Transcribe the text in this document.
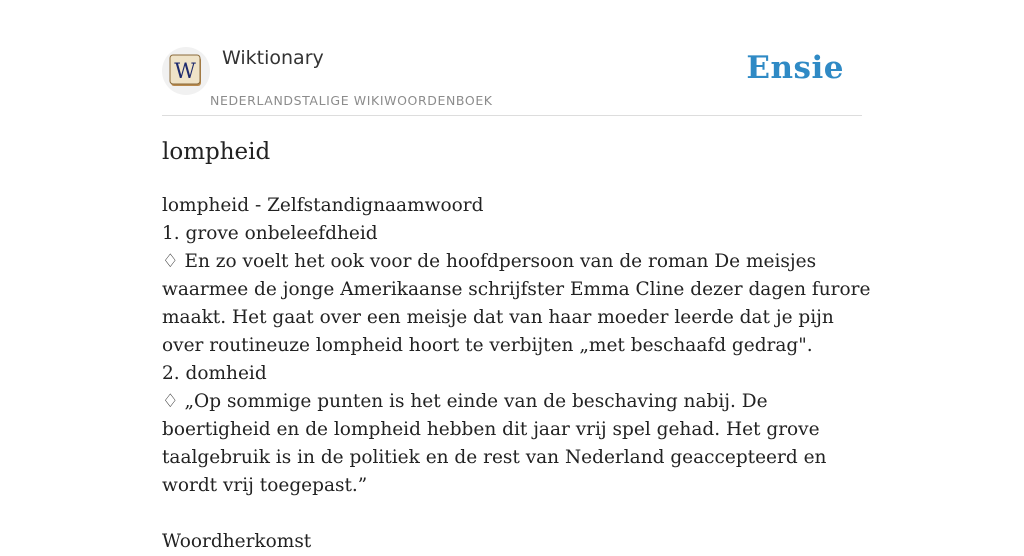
W
Wiktionary
NEDERLANDSTALIGE WIKIWOORDENBOEK
Ensie
lompheid

lompheid - Zelfstandignaamwoord

1. grove onbeleefdheid

♢ En zo voelt het ook voor de hoofdpersoon van de roman De meisjes waarmee de jonge Amerikaanse schrijfster Emma Cline dezer dagen furore maakt. Het gaat over een meisje dat van haar moeder leerde dat je pijn over routineuze lompheid hoort te verbijten „met beschaafd gedrag".

2. domheid

♢ „Op sommige punten is het einde van de beschaving nabij. De boertigheid en de lompheid hebben dit jaar vrij spel gehad. Het grove taalgebruik is in de politiek en de rest van Nederland geaccepteerd en wordt vrij toegepast.”

Woordherkomst
